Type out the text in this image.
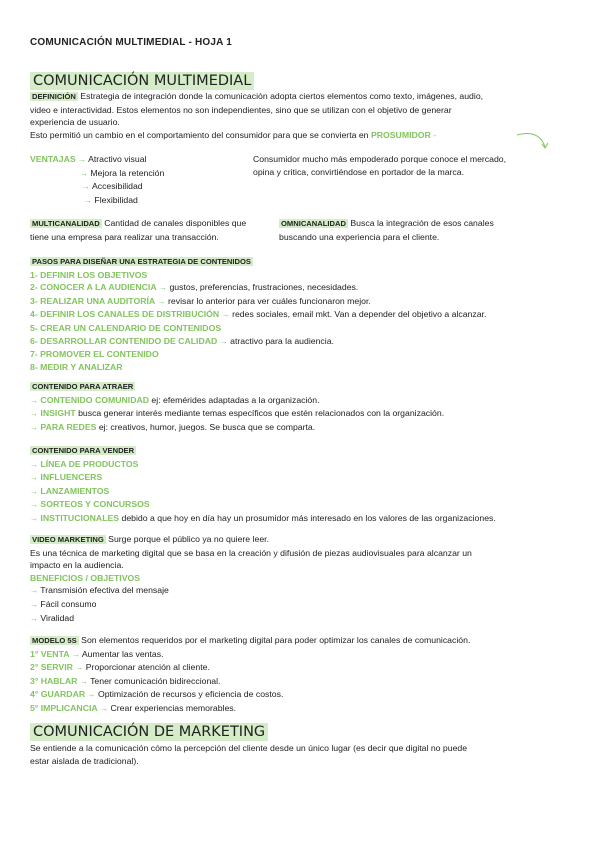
COMUNICACIÓN MULTIMEDIAL - HOJA 1
COMUNICACIÓN MULTIMEDIAL

DEFINICIÓN Estrategia de integración donde la comunicación adopta ciertos elementos como texto, imágenes, audio,

video e interactividad. Estos elementos no son independientes, sino que se utilizan con el objetivo de generar

experiencia de usuario.

Esto permitió un cambio en el comportamiento del consumidor para que se convierta en PROSUMIDOR -

VENTAJAS → Atractivo visual

→ Mejora la retención

→ Accesibilidad

→ Flexibilidad

Consumidor mucho más empoderado porque conoce el mercado,

opina y critica, convirtiéndose en portador de la marca.

MULTICANALIDAD Cantidad de canales disponibles que

tiene una empresa para realizar una transacción.

OMNICANALIDAD Busca la integración de esos canales

buscando una experiencia para el cliente.

PASOS PARA DISEÑAR UNA ESTRATEGIA DE CONTENIDOS

1- DEFINIR LOS OBJETIVOS

2- CONOCER A LA AUDIENCIA → gustos, preferencias, frustraciones, necesidades.

3- REALIZAR UNA AUDITORÍA → revisar lo anterior para ver cuáles funcionaron mejor.

4- DEFINIR LOS CANALES DE DISTRIBUCIÓN → redes sociales, email mkt. Van a depender del objetivo a alcanzar.

5- CREAR UN CALENDARIO DE CONTENIDOS

6- DESARROLLAR CONTENIDO DE CALIDAD → atractivo para la audiencia.

7- PROMOVER EL CONTENIDO

8- MEDIR Y ANALIZAR

CONTENIDO PARA ATRAER

→ CONTENIDO COMUNIDAD ej: efemérides adaptadas a la organización.

→ INSIGHT busca generar interés mediante temas específicos que estén relacionados con la organización.

→ PARA REDES ej: creativos, humor, juegos. Se busca que se comparta.

CONTENIDO PARA VENDER

→ LÍNEA DE PRODUCTOS

→ INFLUENCERS

→ LANZAMIENTOS

→ SORTEOS Y CONCURSOS

→ INSTITUCIONALES debido a que hoy en día hay un prosumidor más interesado en los valores de las organizaciones.

VIDEO MARKETING Surge porque el público ya no quiere leer.

Es una técnica de marketing digital que se basa en la creación y difusión de piezas audiovisuales para alcanzar un

impacto en la audiencia.

BENEFICIOS / OBJETIVOS

→ Transmisión efectiva del mensaje

→ Fácil consumo

→ Viralidad

MODELO 5S Son elementos requeridos por el marketing digital para poder optimizar los canales de comunicación.

1° VENTA → Aumentar las ventas.

2° SERVIR → Proporcionar atención al cliente.

3° HABLAR → Tener comunicación bidireccional.

4° GUARDAR → Optimización de recursos y eficiencia de costos.

5° IMPLICANCIA → Crear experiencias memorables.

COMUNICACIÓN DE MARKETING

Se entiende a la comunicación cómo la percepción del cliente desde un único lugar (es decir que digital no puede

estar aislada de tradicional).
